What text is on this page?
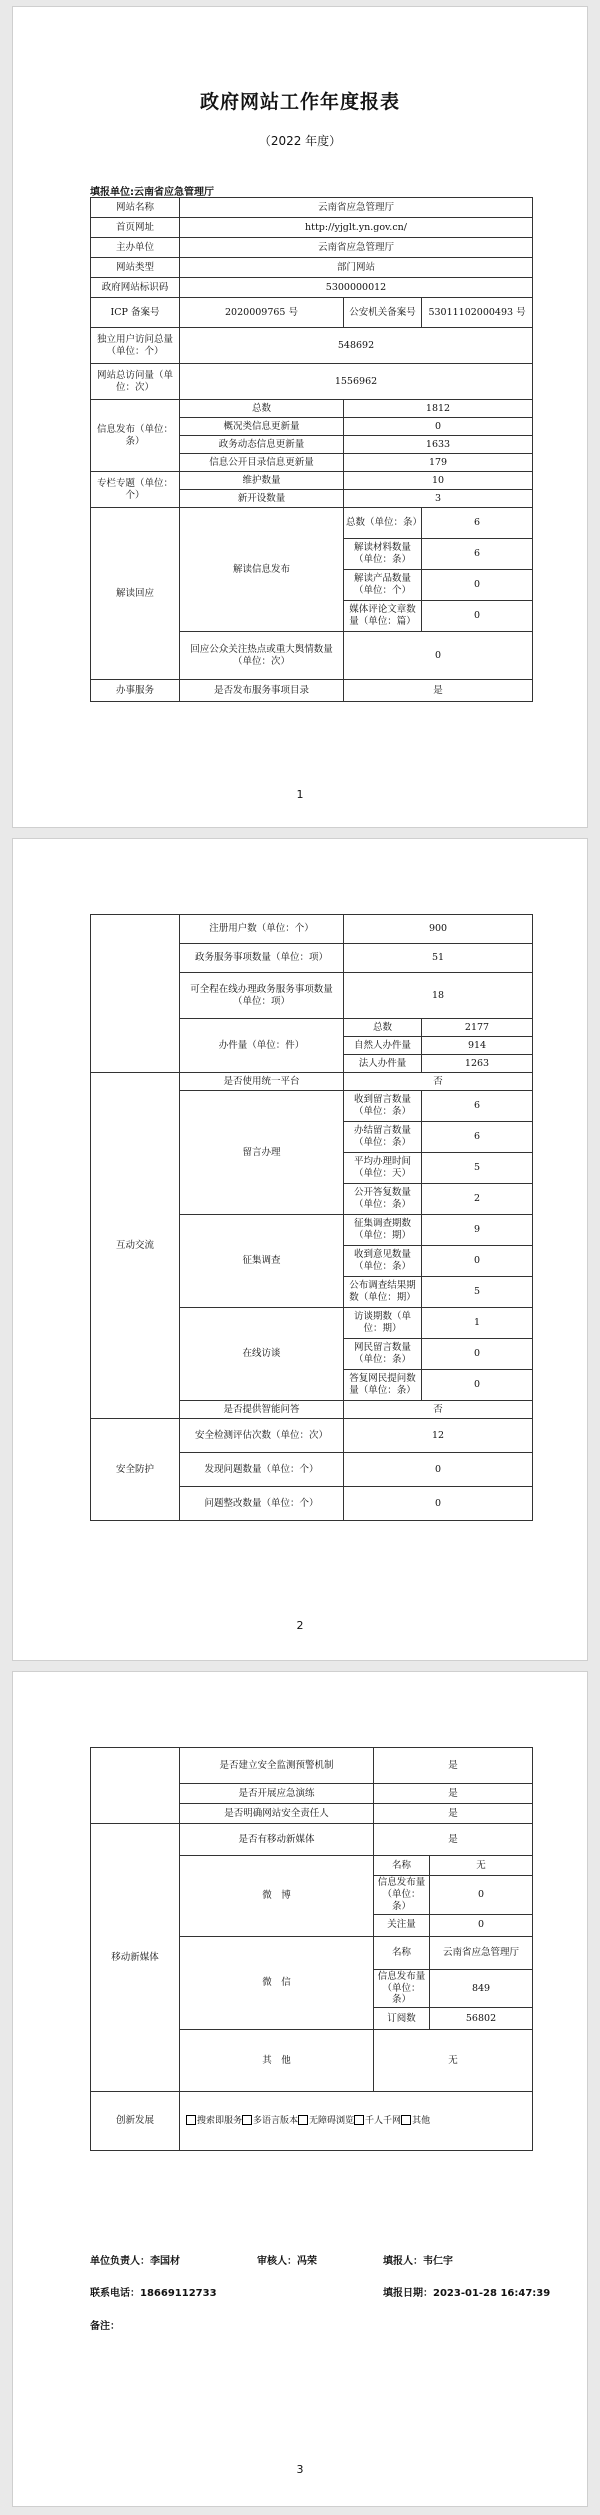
政府网站工作年度报表
（2022 年度）
填报单位:云南省应急管理厅
网站名称	云南省应急管理厅		
首页网址	http://yjglt.yn.gov.cn/		
主办单位	云南省应急管理厅		
网站类型	部门网站		
政府网站标识码	5300000012		
ICP 备案号	2020009765 号	公安机关备案号	53011102000493 号
独立用户访问总量（单位：个）	548692		
网站总访问量（单位：次）	1556962		
信息发布（单位：条）	总数	1812	
	概况类信息更新量	0	
	政务动态信息更新量	1633	
	信息公开目录信息更新量	179	
专栏专题（单位：个）	维护数量	10	
	新开设数量	3	
解读回应	解读信息发布	总数（单位：条）	6
		解读材料数量（单位：条）	6
		解读产品数量（单位：个）	0
		媒体评论文章数量（单位：篇）	0
	回应公众关注热点或重大舆情数量（单位：次）	0	
办事服务	是否发布服务事项目录	是	
1
	注册用户数（单位：个）	900	
	政务服务事项数量（单位：项）	51	
	可全程在线办理政务服务事项数量（单位：项）	18	
	办件量（单位：件）	总数	2177
		自然人办件量	914
		法人办件量	1263
互动交流	是否使用统一平台	否	
	留言办理	收到留言数量（单位：条）	6
		办结留言数量（单位：条）	6
		平均办理时间（单位：天）	5
		公开答复数量（单位：条）	2
	征集调查	征集调查期数（单位：期）	9
		收到意见数量（单位：条）	0
		公布调查结果期数（单位：期）	5
	在线访谈	访谈期数（单位：期）	1
		网民留言数量（单位：条）	0
		答复网民提问数量（单位：条）	0
	是否提供智能问答	否	
安全防护	安全检测评估次数（单位：次）	12	
	发现问题数量（单位：个）	0	
	问题整改数量（单位：个）	0	
2
	是否建立安全监测预警机制	是	
	是否开展应急演练	是	
	是否明确网站安全责任人	是	
移动新媒体	是否有移动新媒体	是	
	微　博	名称	无
		信息发布量（单位：条）	0
		关注量	0
	微　信	名称	云南省应急管理厅
		信息发布量（单位：条）	849
		订阅数	56802
	其　他	无	
创新发展	搜索即服务 多语言版本 无障碍浏览 千人千网 其他		
单位负责人：李国材	审核人：冯荣	填报人：韦仁宇
联系电话：18669112733	填报日期：2023-01-28 16:47:39
备注：
3
